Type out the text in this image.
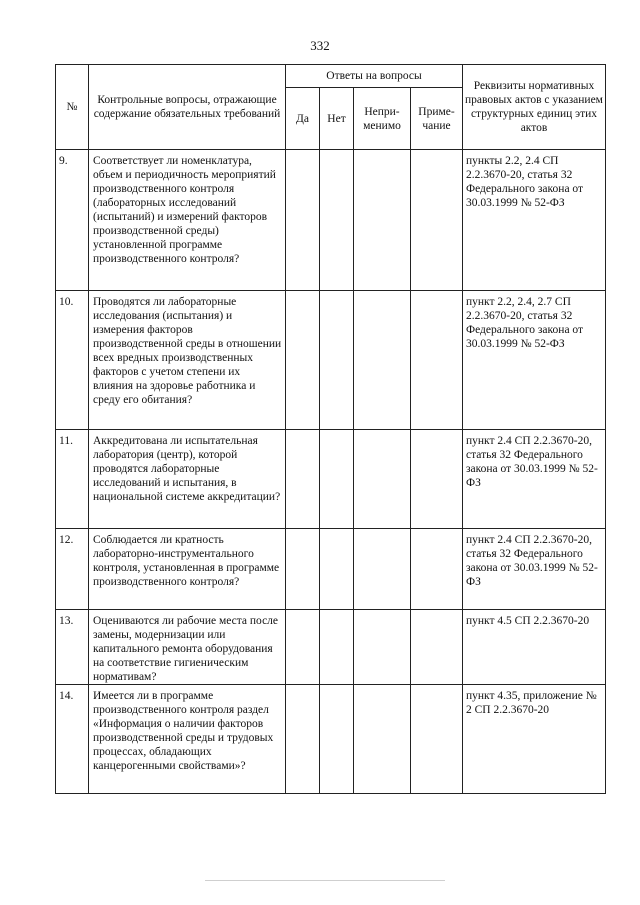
332
№	Контрольные вопросы, отражающие содержание обязательных требований	Ответы на вопросы				Реквизиты нормативных правовых актов с указанием структурных единиц этих актов
		Да	Нет	Непри-менимо	Приме-чание	
9.	Соответствует ли номенклатура, объем и периодичность мероприятий производственного контроля (лабораторных исследований (испытаний) и измерений факторов производственной среды) установленной программе производственного контроля?					пункты 2.2, 2.4 СП 2.2.3670-20, статья 32 Федерального закона от 30.03.1999 № 52-ФЗ
10.	Проводятся ли лабораторные исследования (испытания) и измерения факторов производственной среды в отношении всех вредных производственных факторов с учетом степени их влияния на здоровье работника и среду его обитания?					пункт 2.2, 2.4, 2.7 СП 2.2.3670-20, статья 32 Федерального закона от 30.03.1999 № 52-ФЗ
11.	Аккредитована ли испытательная лаборатория (центр), которой проводятся лабораторные исследований и испытания, в национальной системе аккредитации?					пункт 2.4 СП 2.2.3670-20, статья 32 Федерального закона от 30.03.1999 № 52-ФЗ
12.	Соблюдается ли кратность лабораторно-инструментального контроля, установленная в программе производственного контроля?					пункт 2.4 СП 2.2.3670-20, статья 32 Федерального закона от 30.03.1999 № 52-ФЗ
13.	Оцениваются ли рабочие места после замены, модернизации или капитального ремонта оборудования на соответствие гигиеническим нормативам?					пункт 4.5 СП 2.2.3670-20
14.	Имеется ли в программе производственного контроля раздел «Информация о наличии факторов производственной среды и трудовых процессах, обладающих канцерогенными свойствами»?					пункт 4.35, приложение № 2 СП 2.2.3670-20
